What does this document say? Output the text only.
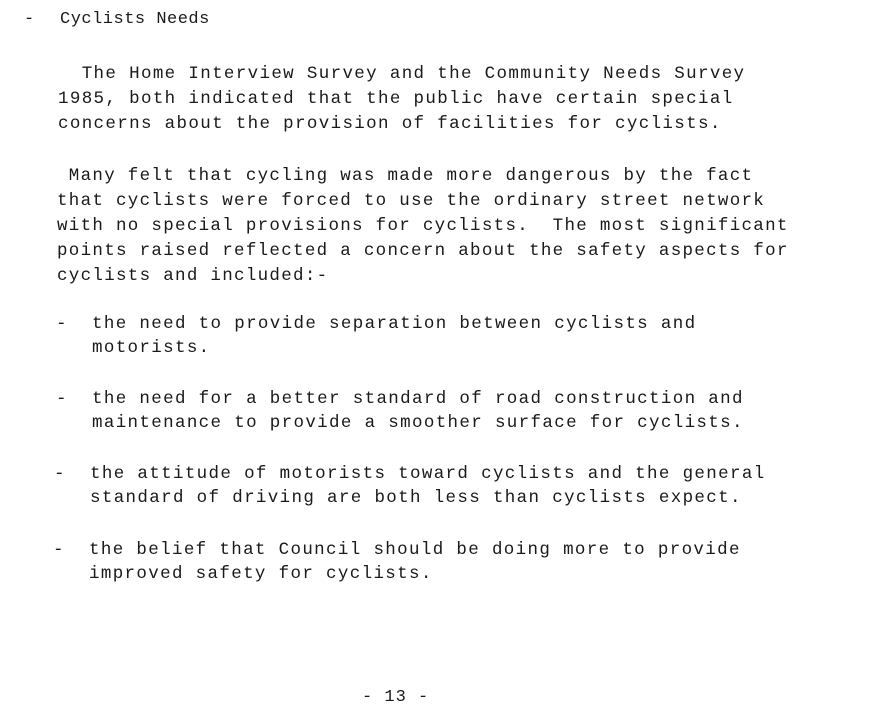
- Cyclists Needs
The Home Interview Survey and the Community Needs Survey
1985, both indicated that the public have certain special
concerns about the provision of facilities for cyclists.
Many felt that cycling was made more dangerous by the fact
that cyclists were forced to use the ordinary street network
with no special provisions for cyclists.  The most significant
points raised reflected a concern about the safety aspects for
cyclists and included:-
- the need to provide separation between cyclists and
motorists.
- the need for a better standard of road construction and
maintenance to provide a smoother surface for cyclists.
- the attitude of motorists toward cyclists and the general
standard of driving are both less than cyclists expect.
- the belief that Council should be doing more to provide
improved safety for cyclists.
- 13 -
